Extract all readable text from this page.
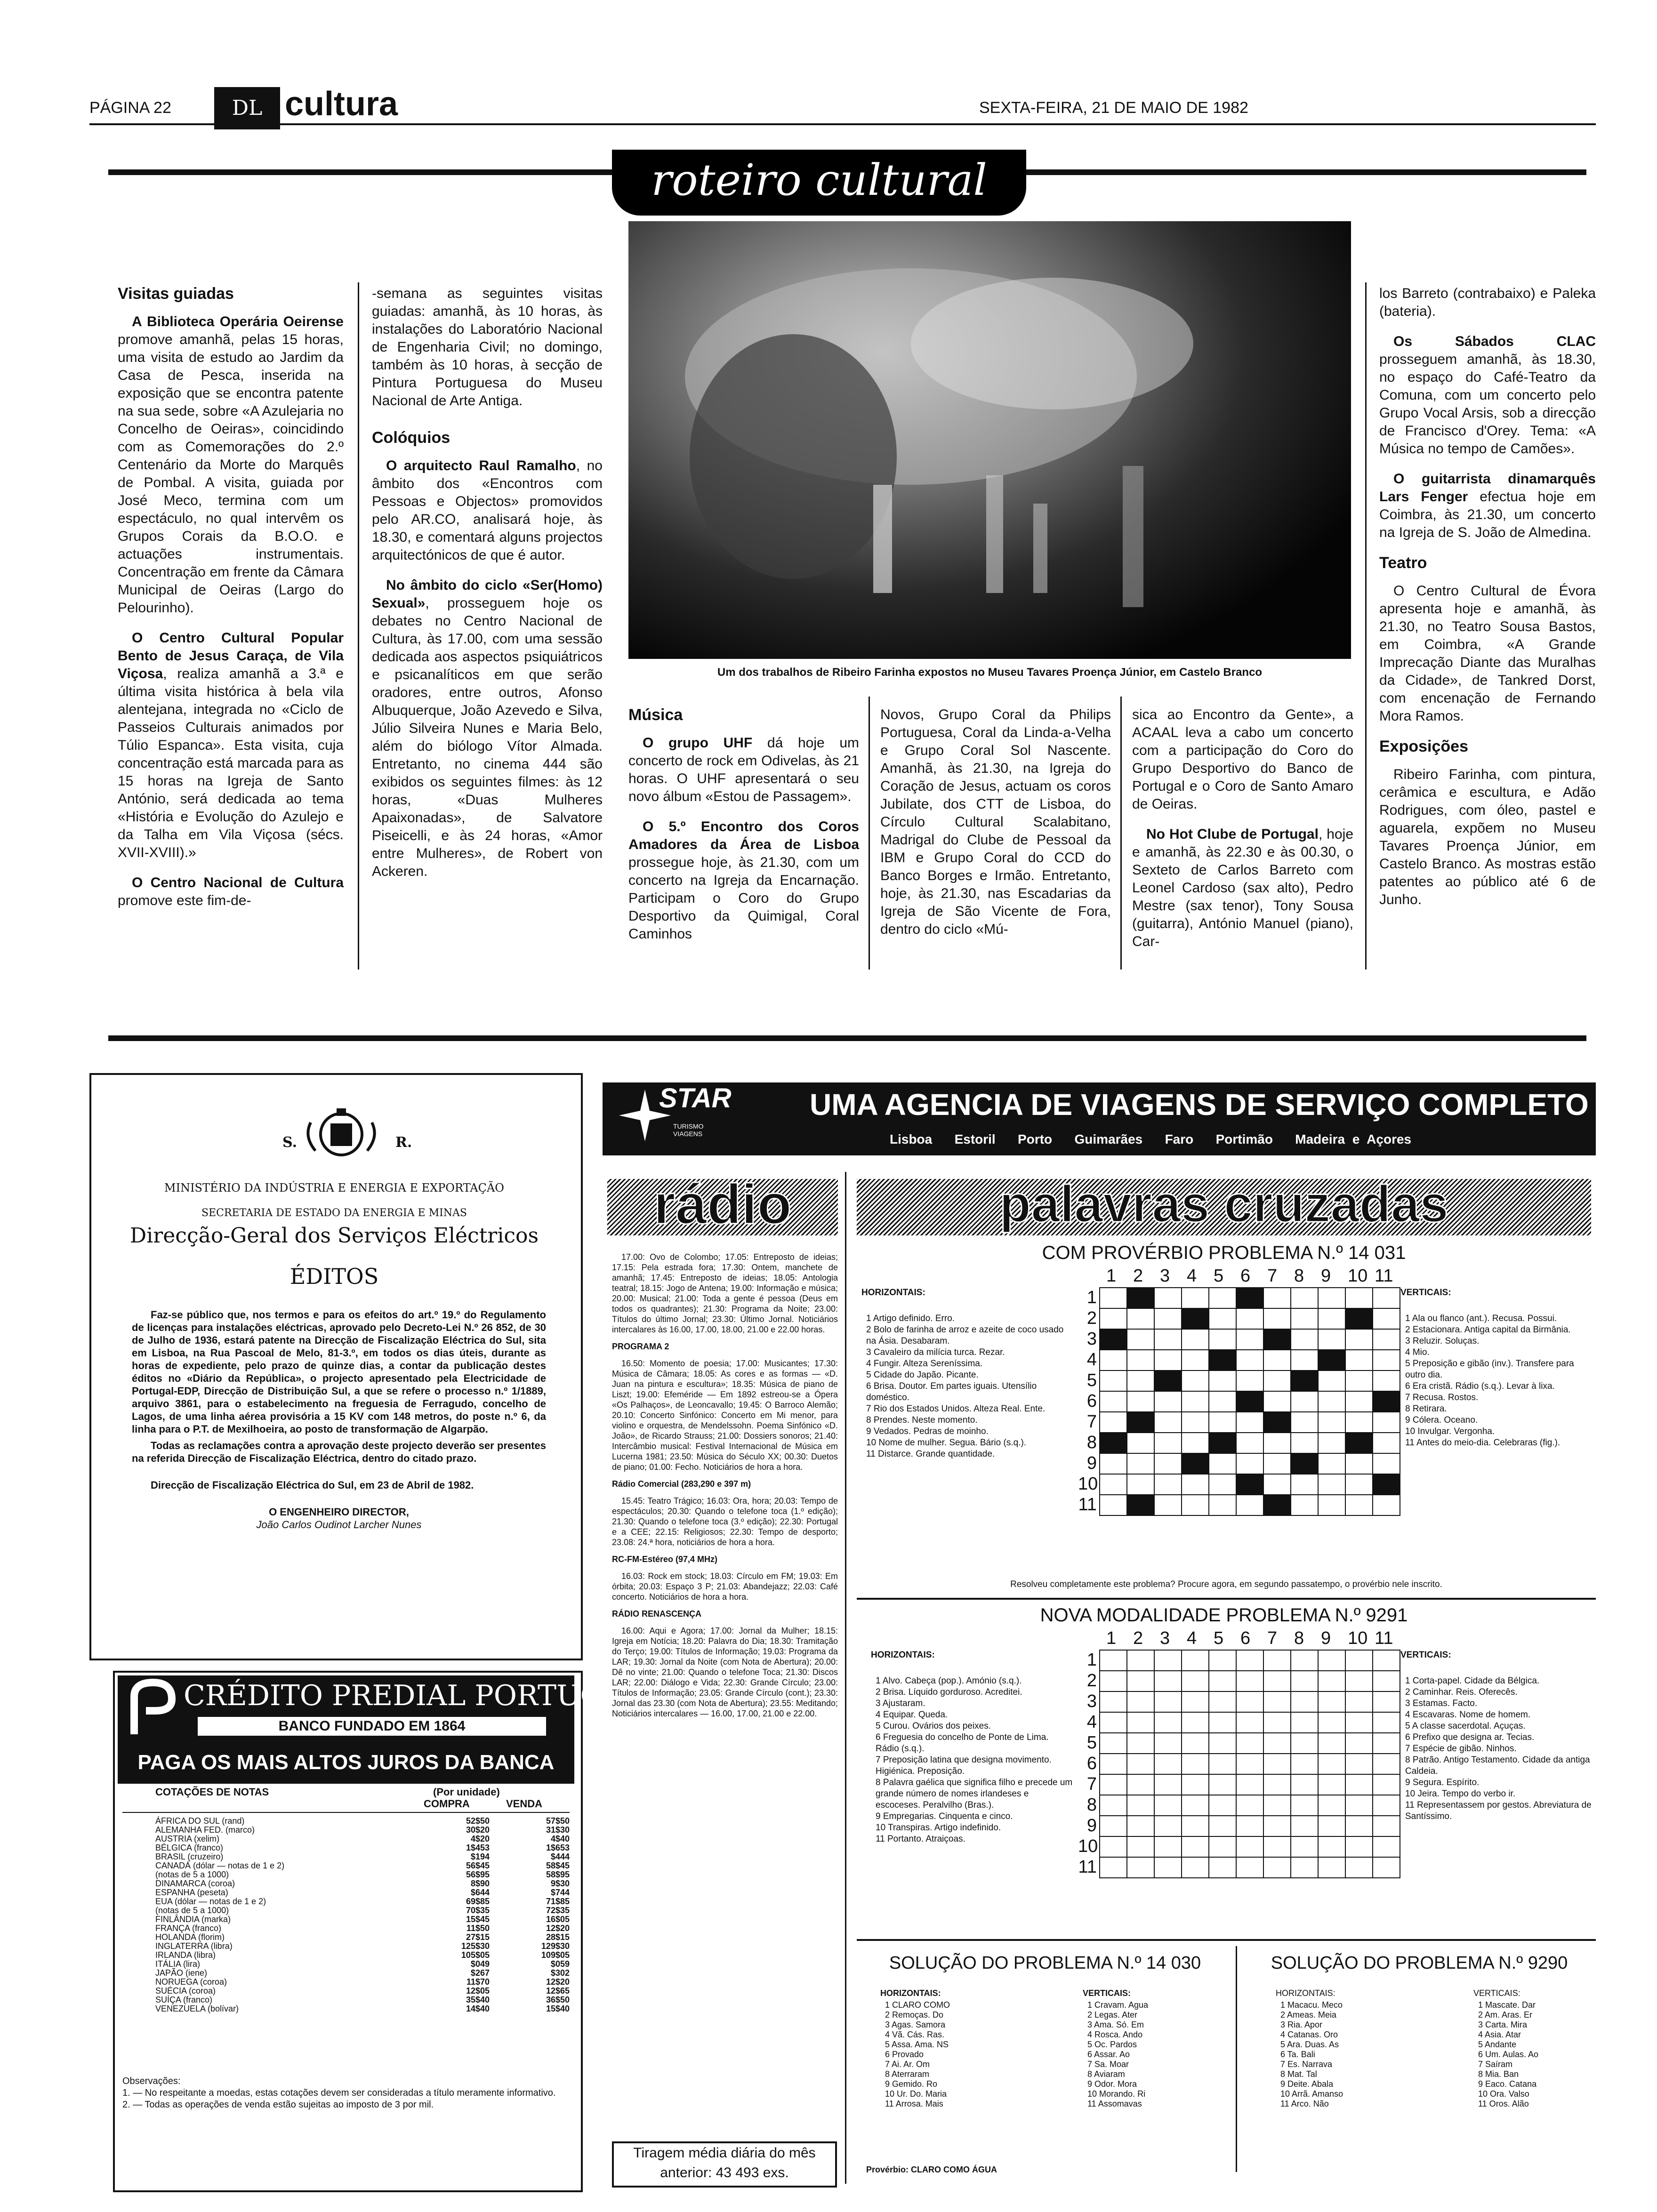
PÁGINA 22	DL cultura	SEXTA-FEIRA, 21 DE MAIO DE 1982
roteiro cultural
Visitas guiadas

A Biblioteca Operária Oeirense promove amanhã, pelas 15 horas, uma visita de estudo ao Jardim da Casa de Pesca, inserida na exposição que se encontra patente na sua sede, sobre «A Azulejaria no Concelho de Oeiras», coincidindo com as Comemorações do 2.º Centenário da Morte do Marquês de Pombal. A visita, guiada por José Meco, termina com um espectáculo, no qual intervêm os Grupos Corais da B.O.O. e actuações instrumentais. Concentração em frente da Câmara Municipal de Oeiras (Largo do Pelourinho).

O Centro Cultural Popular Bento de Jesus Caraça, de Vila Viçosa, realiza amanhã a 3.ª e última visita histórica à bela vila alentejana, integrada no «Ciclo de Passeios Culturais animados por Túlio Espanca». Esta visita, cuja concentração está marcada para as 15 horas na Igreja de Santo António, será dedicada ao tema «História e Evolução do Azulejo e da Talha em Vila Viçosa (sécs. XVII-XVIII).»

O Centro Nacional de Cultura promove este fim-de-

-semana as seguintes visitas guiadas: amanhã, às 10 horas, às instalações do Laboratório Nacional de Engenharia Civil; no domingo, também às 10 horas, à secção de Pintura Portuguesa do Museu Nacional de Arte Antiga.

Colóquios

O arquitecto Raul Ramalho, no âmbito dos «Encontros com Pessoas e Objectos» promovidos pelo AR.CO, analisará hoje, às 18.30, e comentará alguns projectos arquitectónicos de que é autor.

No âmbito do ciclo «Ser(Homo) Sexual», prosseguem hoje os debates no Centro Nacional de Cultura, às 17.00, com uma sessão dedicada aos aspectos psiquiátricos e psicanalíticos em que serão oradores, entre outros, Afonso Albuquerque, João Azevedo e Silva, Júlio Silveira Nunes e Maria Belo, além do biólogo Vítor Almada. Entretanto, no cinema 444 são exibidos os seguintes filmes: às 12 horas, «Duas Mulheres Apaixonadas», de Salvatore Piseicelli, e às 24 horas, «Amor entre Mulheres», de Robert von Ackeren.

Um dos trabalhos de Ribeiro Farinha expostos no Museu Tavares Proença Júnior, em Castelo Branco
Música

O grupo UHF dá hoje um concerto de rock em Odivelas, às 21 horas. O UHF apresentará o seu novo álbum «Estou de Passagem».

O 5.º Encontro dos Coros Amadores da Área de Lisboa prossegue hoje, às 21.30, com um concerto na Igreja da Encarnação. Participam o Coro do Grupo Desportivo da Quimigal, Coral Caminhos

Novos, Grupo Coral da Philips Portuguesa, Coral da Linda-a-Velha e Grupo Coral Sol Nascente. Amanhã, às 21.30, na Igreja do Coração de Jesus, actuam os coros Jubilate, dos CTT de Lisboa, do Círculo Cultural Scalabitano, Madrigal do Clube de Pessoal da IBM e Grupo Coral do CCD do Banco Borges e Irmão. Entretanto, hoje, às 21.30, nas Escadarias da Igreja de São Vicente de Fora, dentro do ciclo «Mú-

sica ao Encontro da Gente», a ACAAL leva a cabo um concerto com a participação do Coro do Grupo Desportivo do Banco de Portugal e o Coro de Santo Amaro de Oeiras.

No Hot Clube de Portugal, hoje e amanhã, às 22.30 e às 00.30, o Sexteto de Carlos Barreto com Leonel Cardoso (sax alto), Pedro Mestre (sax tenor), Tony Sousa (guitarra), António Manuel (piano), Car-

los Barreto (contrabaixo) e Paleka (bateria).

Os Sábados CLAC prosseguem amanhã, às 18.30, no espaço do Café-Teatro da Comuna, com um concerto pelo Grupo Vocal Arsis, sob a direcção de Francisco d'Orey. Tema: «A Música no tempo de Camões».

O guitarrista dinamarquês Lars Fenger efectua hoje em Coimbra, às 21.30, um concerto na Igreja de S. João de Almedina.

Teatro

O Centro Cultural de Évora apresenta hoje e amanhã, às 21.30, no Teatro Sousa Bastos, em Coimbra, «A Grande Imprecação Diante das Muralhas da Cidade», de Tankred Dorst, com encenação de Fernando Mora Ramos.

Exposições

Ribeiro Farinha, com pintura, cerâmica e escultura, e Adão Rodrigues, com óleo, pastel e aguarela, expõem no Museu Tavares Proença Júnior, em Castelo Branco. As mostras estão patentes ao público até 6 de Junho.

S.	R.
MINISTÉRIO DA INDÚSTRIA E ENERGIA E EXPORTAÇÃO
SECRETARIA DE ESTADO DA ENERGIA E MINAS
Direcção-Geral dos Serviços Eléctricos
ÉDITOS

Faz-se público que, nos termos e para os efeitos do art.º 19.º do Regulamento de licenças para instalações eléctricas, aprovado pelo Decreto-Lei N.º 26 852, de 30 de Julho de 1936, estará patente na Direcção de Fiscalização Eléctrica do Sul, sita em Lisboa, na Rua Pascoal de Melo, 81-3.º, em todos os dias úteis, durante as horas de expediente, pelo prazo de quinze dias, a contar da publicação destes éditos no «Diário da República», o projecto apresentado pela Electricidade de Portugal-EDP, Direcção de Distribuição Sul, a que se refere o processo n.º 1/1889, arquivo 3861, para o estabelecimento na freguesia de Ferragudo, concelho de Lagos, de uma linha aérea provisória a 15 KV com 148 metros, do poste n.º 6, da linha para o P.T. de Mexilhoeira, ao posto de transformação de Algarpão.

Todas as reclamações contra a aprovação deste projecto deverão ser presentes na referida Direcção de Fiscalização Eléctrica, dentro do citado prazo.

Direcção de Fiscalização Eléctrica do Sul, em 23 de Abril de 1982.

O ENGENHEIRO DIRECTOR,

João Carlos Oudinot Larcher Nunes

CRÉDITO PREDIAL PORTUGUÊS
BANCO FUNDADO EM 1864
PAGA OS MAIS ALTOS JUROS DA BANCA
COTAÇÕES DE NOTAS	(Por unidade)
COMPRA	VENDA
ÁFRICA DO SUL (rand)	52$50	57$50
ALEMANHA FED. (marco)	30$20	31$30
AUSTRIA (xelim)	4$20	4$40
BÉLGICA (franco)	1$453	1$653
BRASIL (cruzeiro)	$194	$444
CANADÁ (dólar — notas de 1 e 2)	56$45	58$45
(notas de 5 a 1000)	56$95	58$95
DINAMARCA (coroa)	8$90	9$30
ESPANHA (peseta)	$644	$744
EUA (dólar — notas de 1 e 2)	69$85	71$85
(notas de 5 a 1000)	70$35	72$35
FINLÂNDIA (marka)	15$45	16$05
FRANÇA (franco)	11$50	12$20
HOLANDA (florim)	27$15	28$15
INGLATERRA (libra)	125$30	129$30
IRLANDA (libra)	105$05	109$05
ITÁLIA (lira)	$049	$059
JAPÃO (iene)	$267	$302
NORUEGA (coroa)	11$70	12$20
SUÉCIA (coroa)	12$05	12$65
SUÍÇA (franco)	35$40	36$50
VENEZUELA (bolívar)	14$40	15$40
Observações:
1. — No respeitante a moedas, estas cotações devem ser consideradas a título meramente informativo.
2. — Todas as operações de venda estão sujeitas ao imposto de 3 por mil.
STAR
TURISMO VIAGENS
UMA AGENCIA DE VIAGENS DE SERVIÇO COMPLETO
Lisboa   Estoril   Porto   Guimarães   Faro   Portimão   Madeira e Açores
rádio

17.00: Ovo de Colombo; 17.05: Entreposto de ideias; 17.15: Pela estrada fora; 17.30: Ontem, manchete de amanhã; 17.45: Entreposto de ideias; 18.05: Antologia teatral; 18.15: Jogo de Antena; 19.00: Informação e música; 20.00: Musical; 21.00: Toda a gente é pessoa (Deus em todos os quadrantes); 21.30: Programa da Noite; 23.00: Títulos do último Jornal; 23.30: Último Jornal. Noticiários intercalares às 16.00, 17.00, 18.00, 21.00 e 22.00 horas.

PROGRAMA 2

16.50: Momento de poesia; 17.00: Musicantes; 17.30: Música de Câmara; 18.05: As cores e as formas — «D. Juan na pintura e escultura»; 18.35: Música de piano de Liszt; 19.00: Efeméride — Em 1892 estreou-se a Ópera «Os Palhaços», de Leoncavallo; 19.45: O Barroco Alemão; 20.10: Concerto Sinfónico: Concerto em Mi menor, para violino e orquestra, de Mendelssohn. Poema Sinfónico «D. João», de Ricardo Strauss; 21.00: Dossiers sonoros; 21.40: Intercâmbio musical: Festival Internacional de Música em Lucerna 1981; 23.50: Música do Século XX; 00.30: Duetos de piano; 01.00: Fecho. Noticiários de hora a hora.

Rádio Comercial (283,290 e 397 m)

15.45: Teatro Trágico; 16.03: Ora, hora; 20.03: Tempo de espectáculos; 20.30: Quando o telefone toca (1.º edição); 21.30: Quando o telefone toca (3.º edição); 22.30: Portugal e a CEE; 22.15: Religiosos; 22.30: Tempo de desporto; 23.08: 24.ª hora, noticiários de hora a hora.

RC-FM-Estéreo (97,4 MHz)

16.03: Rock em stock; 18.03: Círculo em FM; 19.03: Em órbita; 20.03: Espaço 3 P; 21.03: Abandejazz; 22.03: Café concerto. Noticiários de hora a hora.

RÁDIO RENASCENÇA

16.00: Aqui e Agora; 17.00: Jornal da Mulher; 18.15: Igreja em Notícia; 18.20: Palavra do Dia; 18.30: Tramitação do Terço; 19.00: Títulos de Informação; 19.03: Programa da LAR; 19.30: Jornal da Noite (com Nota de Abertura); 20.00: Dê no vinte; 21.00: Quando o telefone Toca; 21.30: Discos LAR; 22.00: Diálogo e Vida; 22.30: Grande Círculo; 23.00: Títulos de Informação; 23.05: Grande Círculo (cont.); 23.30: Jornal das 23.30 (com Nota de Abertura); 23.55: Meditando; Noticiários intercalares — 16.00, 17.00, 21.00 e 22.00.

Tiragem média diária do mês anterior: 43 493 exs.
palavras cruzadas
COM PROVÉRBIO PROBLEMA N.º 14 031
1 2 3 4 5 6 7 8 9 10 11
1
2
3
4
5
6
7
8
9
10
11

HORIZONTAIS:
1 Artigo definido. Erro.
2 Bolo de farinha de arroz e azeite de coco usado na Ásia. Desabaram.
3 Cavaleiro da milícia turca. Rezar.
4 Fungir. Alteza Sereníssima.
5 Cidade do Japão. Picante.
6 Brisa. Doutor. Em partes iguais. Utensílio doméstico.
7 Rio dos Estados Unidos. Alteza Real. Ente.
8 Prendes. Neste momento.
9 Vedados. Pedras de moinho.
10 Nome de mulher. Segua. Bário (s.q.).
11 Distarce. Grande quantidade.
VERTICAIS:
1 Ala ou flanco (ant.). Recusa. Possui.
2 Estacionara. Antiga capital da Birmânia.
3 Reluzir. Soluças.
4 Mio.
5 Preposição e gibão (inv.). Transfere para outro dia.
6 Era cristã. Rádio (s.q.). Levar à lixa.
7 Recusa. Rostos.
8 Retirara.
9 Cólera. Oceano.
10 Invulgar. Vergonha.
11 Antes do meio-dia. Celebraras (fig.).
Resolveu completamente este problema? Procure agora, em segundo passatempo, o provérbio nele inscrito.
NOVA MODALIDADE PROBLEMA N.º 9291
1 2 3 4 5 6 7 8 9 10 11
1
2
3
4
5
6
7
8
9
10
11

HORIZONTAIS:
1 Alvo. Cabeça (pop.). Amónio (s.q.).
2 Brisa. Líquido gorduroso. Acreditei.
3 Ajustaram.
4 Equipar. Queda.
5 Curou. Ovários dos peixes.
6 Freguesia do concelho de Ponte de Lima. Rádio (s.q.).
7 Preposição latina que designa movimento. Higiénica. Preposição.
8 Palavra gaélica que significa filho e precede um grande número de nomes irlandeses e escoceses. Peralvilho (Bras.).
9 Empregarias. Cinquenta e cinco.
10 Transpiras. Artigo indefinido.
11 Portanto. Atraiçoas.
VERTICAIS:
1 Corta-papel. Cidade da Bélgica.
2 Caminhar. Reis. Oferecês.
3 Estamas. Facto.
4 Escavaras. Nome de homem.
5 A classe sacerdotal. Açuças.
6 Prefixo que designa ar. Tecias.
7 Espécie de gibão. Ninhos.
8 Patrão. Antigo Testamento. Cidade da antiga Caldeia.
9 Segura. Espírito.
10 Jeira. Tempo do verbo ir.
11 Representassem por gestos. Abreviatura de Santíssimo.
SOLUÇÃO DO PROBLEMA N.º 14 030	SOLUÇÃO DO PROBLEMA N.º 9290
HORIZONTAIS:
1 CLARO COMO
2 Remoças. Do
3 Agas. Samora
4 Vã. Cás. Ras.
5 Assa. Ama. NS
6 Provado
7 Ai. Ar. Om
8 Aterraram
9 Gemido. Ro
10 Ur. Do. Maria
11 Arrosa. Mais
VERTICAIS:
1 Cravam. Agua
2 Legas. Ater
3 Ama. Só. Em
4 Rosca. Ando
5 Oc. Pardos
6 Assar. Ao
7 Sa. Moar
8 Aviaram
9 Odor. Mora
10 Morando. Ri
11 Assomavas
Provérbio: CLARO COMO ÁGUA
HORIZONTAIS:
1 Macacu. Meco
2 Ameas. Meia
3 Ria. Apor
4 Catanas. Oro
5 Ara. Duas. As
6 Ta. Bali
7 Es. Narrava
8 Mat. Tal
9 Deite. Abala
10 Arrã. Amanso
11 Arco. Não
VERTICAIS:
1 Mascate. Dar
2 Am. Aras. Er
3 Carta. Mira
4 Asia. Atar
5 Andante
6 Um. Aulas. Ao
7 Saíram
8 Mia. Ban
9 Eaco. Catana
10 Ora. Valso
11 Oros. Alão
